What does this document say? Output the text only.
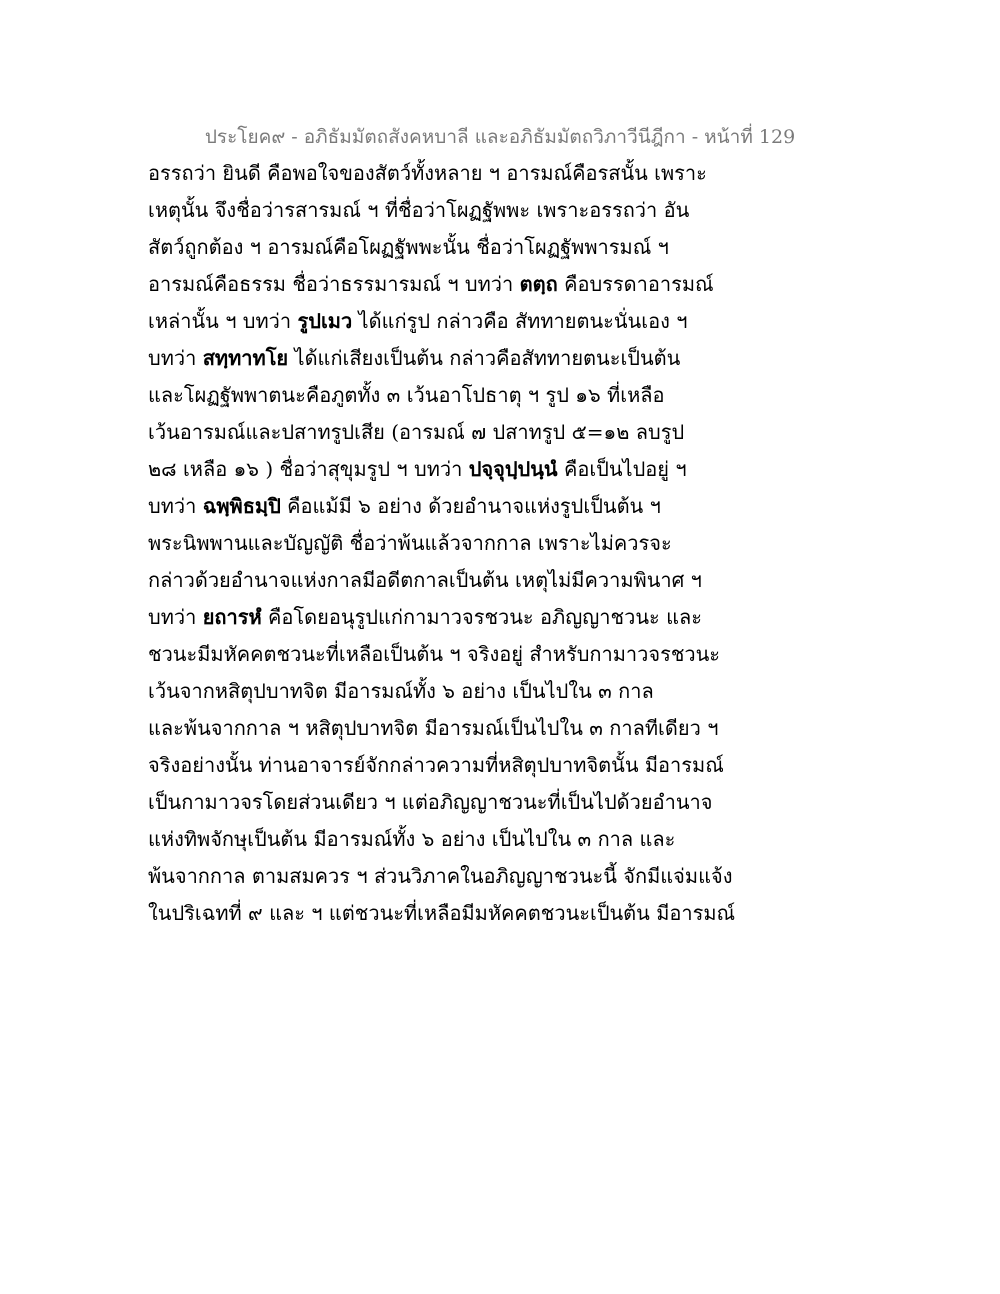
ประโยค๙ - อภิธัมมัตถสังคหบาลี และอภิธัมมัตถวิภาวีนีฎีกา - หน้าที่ 129
อรรถว่า ยินดี คือพอใจของสัตว์ทั้งหลาย ฯ อารมณ์คือรสนั้น เพราะ
เหตุนั้น จึงชื่อว่ารสารมณ์ ฯ ที่ชื่อว่าโผฏฐัพพะ เพราะอรรถว่า อัน
สัตว์ถูกต้อง ฯ อารมณ์คือโผฏฐัพพะนั้น ชื่อว่าโผฏฐัพพารมณ์ ฯ
อารมณ์คือธรรม ชื่อว่าธรรมารมณ์ ฯ บทว่า ตตฺถ คือบรรดาอารมณ์
เหล่านั้น ฯ บทว่า รูปเมว ได้แก่รูป กล่าวคือ สัททายตนะนั่นเอง ฯ
บทว่า สทฺทาทโย ได้แก่เสียงเป็นต้น กล่าวคือสัททายตนะเป็นต้น
และโผฏฐัพพาตนะคือภูตทั้ง ๓ เว้นอาโปธาตุ ฯ รูป ๑๖ ที่เหลือ
เว้นอารมณ์และปสาทรูปเสีย (อารมณ์ ๗ ปสาทรูป ๕=๑๒ ลบรูป
๒๘ เหลือ ๑๖ ) ชื่อว่าสุขุมรูป ฯ บทว่า ปจฺจุปฺปนฺนํ คือเป็นไปอยู่ ฯ
บทว่า ฉพฺพิธมฺปิ คือแม้มี ๖ อย่าง ด้วยอำนาจแห่งรูปเป็นต้น ฯ
พระนิพพานและบัญญัติ ชื่อว่าพ้นแล้วจากกาล เพราะไม่ควรจะ
กล่าวด้วยอำนาจแห่งกาลมีอดีตกาลเป็นต้น เหตุไม่มีความพินาศ ฯ
บทว่า ยถารหํ คือโดยอนุรูปแก่กามาวจรชวนะ อภิญญาชวนะ และ
ชวนะมีมหัคคตชวนะที่เหลือเป็นต้น ฯ จริงอยู่ สำหรับกามาวจรชวนะ
เว้นจากหสิตุปบาทจิต มีอารมณ์ทั้ง ๖ อย่าง เป็นไปใน ๓ กาล
และพ้นจากกาล ฯ หสิตุปบาทจิต มีอารมณ์เป็นไปใน ๓ กาลทีเดียว ฯ
จริงอย่างนั้น ท่านอาจารย์จักกล่าวความที่หสิตุปบาทจิตนั้น มีอารมณ์
เป็นกามาวจรโดยส่วนเดียว ฯ แต่อภิญญาชวนะที่เป็นไปด้วยอำนาจ
แห่งทิพจักษุเป็นต้น มีอารมณ์ทั้ง ๖ อย่าง เป็นไปใน ๓ กาล และ
พ้นจากกาล ตามสมควร ฯ ส่วนวิภาคในอภิญญาชวนะนี้ จักมีแจ่มแจ้ง
ในปริเฉทที่ ๙ และ ฯ แต่ชวนะที่เหลือมีมหัคคตชวนะเป็นต้น มีอารมณ์
